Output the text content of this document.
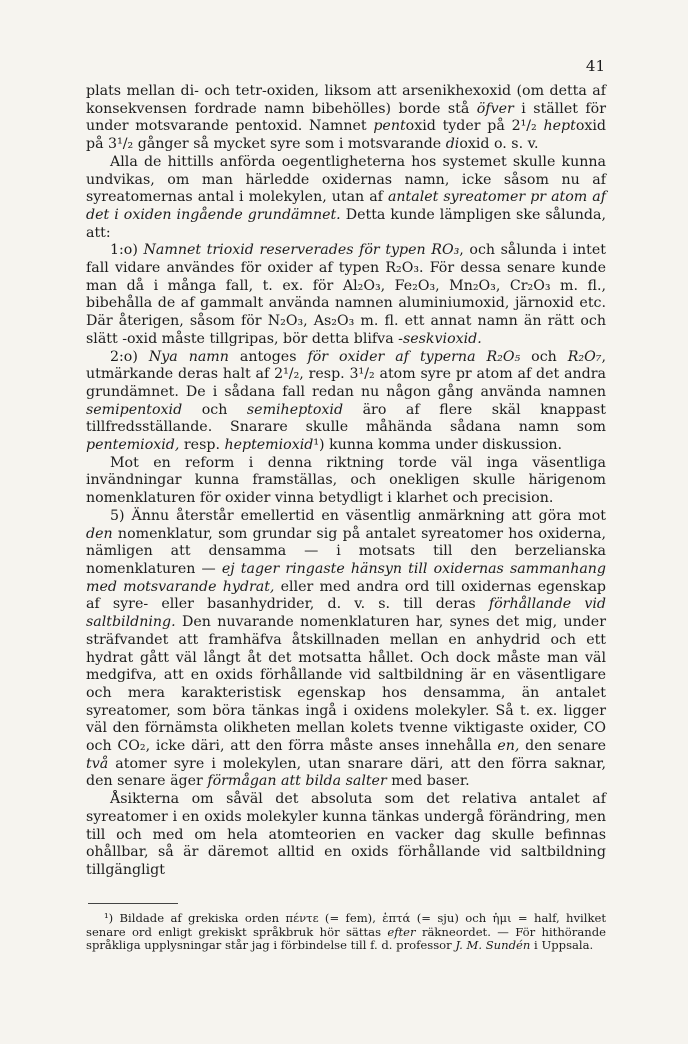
41

plats mellan di- och tetr-oxiden, liksom att arsenikhexoxid (om detta af konsekvensen fordrade namn bibehölles) borde stå öfver i stället för under motsvarande pentoxid. Namnet pentoxid tyder på 2¹/₂ heptoxid på 3¹/₂ gånger så mycket syre som i motsvarande dioxid o. s. v.

Alla de hittills anförda oegentligheterna hos systemet skulle kunna undvikas, om man härledde oxidernas namn, icke såsom nu af syreatomernas antal i molekylen, utan af antalet syreatomer pr atom af det i oxiden ingående grundämnet. Detta kunde lämpligen ske sålunda, att:

1:o) Namnet trioxid reserverades för typen RO₃, och sålunda i intet fall vidare användes för oxider af typen R₂O₃. För dessa senare kunde man då i många fall, t. ex. för Al₂O₃, Fe₂O₃, Mn₂O₃, Cr₂O₃ m. fl., bibehålla de af gammalt använda namnen aluminiumoxid, järnoxid etc. Där återigen, såsom för N₂O₃, As₂O₃ m. fl. ett annat namn än rätt och slätt -oxid måste tillgripas, bör detta blifva -seskvioxid.

2:o) Nya namn antoges för oxider af typerna R₂O₅ och R₂O₇, utmärkande deras halt af 2¹/₂, resp. 3¹/₂ atom syre pr atom af det andra grundämnet. De i sådana fall redan nu någon gång använda namnen semipentoxid och semiheptoxid äro af flere skäl knappast tillfredsställande. Snarare skulle måhända sådana namn som pentemioxid, resp. heptemioxid¹) kunna komma under diskussion.

Mot en reform i denna riktning torde väl inga väsentliga invändningar kunna framställas, och onekligen skulle härigenom nomenklaturen för oxider vinna betydligt i klarhet och precision.

5) Ännu återstår emellertid en väsentlig anmärkning att göra mot den nomenklatur, som grundar sig på antalet syreatomer hos oxiderna, nämligen att densamma — i motsats till den berzelianska nomenklaturen — ej tager ringaste hänsyn till oxidernas sammanhang med motsvarande hydrat, eller med andra ord till oxidernas egenskap af syre- eller basanhydrider, d. v. s. till deras förhållande vid saltbildning. Den nuvarande nomenklaturen har, synes det mig, under sträfvandet att framhäfva åtskillnaden mellan en anhydrid och ett hydrat gått väl långt åt det motsatta hållet. Och dock måste man väl medgifva, att en oxids förhållande vid saltbildning är en väsentligare och mera karakteristisk egenskap hos densamma, än antalet syreatomer, som böra tänkas ingå i oxidens molekyler. Så t. ex. ligger väl den förnämsta olikheten mellan kolets tvenne viktigaste oxider, CO och CO₂, icke däri, att den förra måste anses innehålla en, den senare två atomer syre i molekylen, utan snarare däri, att den förra saknar, den senare äger förmågan att bilda salter med baser.

Åsikterna om såväl det absoluta som det relativa antalet af syreatomer i en oxids molekyler kunna tänkas undergå förändring, men till och med om hela atomteorien en vacker dag skulle befinnas ohållbar, så är däremot alltid en oxids förhållande vid saltbildning tillgängligt

¹) Bildade af grekiska orden πέντε (= fem), ἑπτά (= sju) och ἡμι = half, hvilket senare ord enligt grekiskt språkbruk hör sättas efter räkneordet. — För hithörande språkliga upplysningar står jag i förbindelse till f. d. professor J. M. Sundén i Uppsala.
